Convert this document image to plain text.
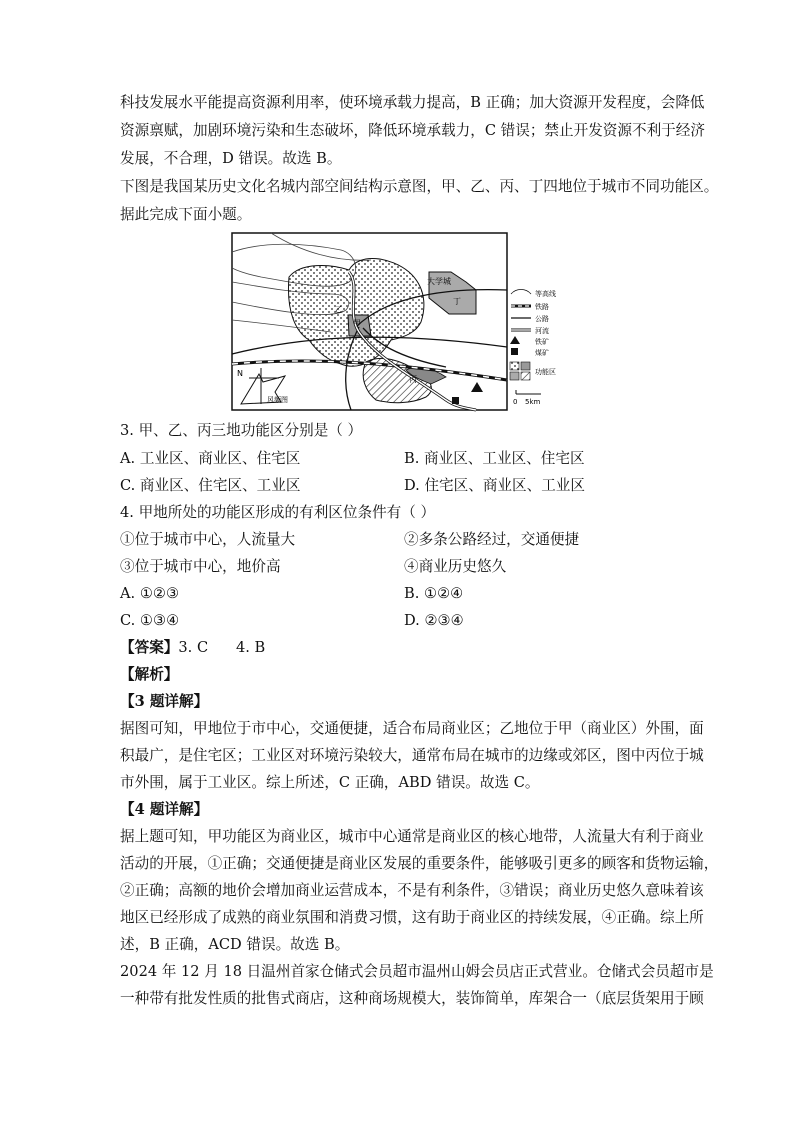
科技发展水平能提高资源利用率，使环境承载力提高，B 正确；加大资源开发程度，会降低
资源禀赋，加剧环境污染和生态破坏，降低环境承载力，C 错误；禁止开发资源不利于经济
发展，不合理，D 错误。故选 B。
下图是我国某历史文化名城内部空间结构示意图，甲、乙、丙、丁四地位于城市不同功能区。
据此完成下面小题。
大学城
丁
甲
乙
丙
N
风频图
等高线
铁路
公路
河流
铁矿
煤矿
功能区
0 5km
3. 甲、乙、丙三地功能区分别是（ ）
A. 工业区、商业区、住宅区	B. 商业区、工业区、住宅区
C. 商业区、住宅区、工业区	D. 住宅区、商业区、工业区
4. 甲地所处的功能区形成的有利区位条件有（ ）
①位于城市中心，人流量大	②多条公路经过，交通便捷
③位于城市中心，地价高	④商业历史悠久
A. ①②③	B. ①②④
C. ①③④	D. ②③④
【答案】3. C      4. B
【解析】
【3 题详解】
据图可知，甲地位于市中心，交通便捷，适合布局商业区；乙地位于甲（商业区）外围，面
积最广，是住宅区；工业区对环境污染较大，通常布局在城市的边缘或郊区，图中丙位于城
市外围，属于工业区。综上所述，C 正确，ABD 错误。故选 C。
【4 题详解】
据上题可知，甲功能区为商业区，城市中心通常是商业区的核心地带，人流量大有利于商业
活动的开展，①正确；交通便捷是商业区发展的重要条件，能够吸引更多的顾客和货物运输，
②正确；高额的地价会增加商业运营成本，不是有利条件，③错误；商业历史悠久意味着该
地区已经形成了成熟的商业氛围和消费习惯，这有助于商业区的持续发展，④正确。综上所
述，B 正确，ACD 错误。故选 B。
2024 年 12 月 18 日温州首家仓储式会员超市温州山姆会员店正式营业。仓储式会员超市是
一种带有批发性质的批售式商店，这种商场规模大，装饰简单，库架合一（底层货架用于顾
